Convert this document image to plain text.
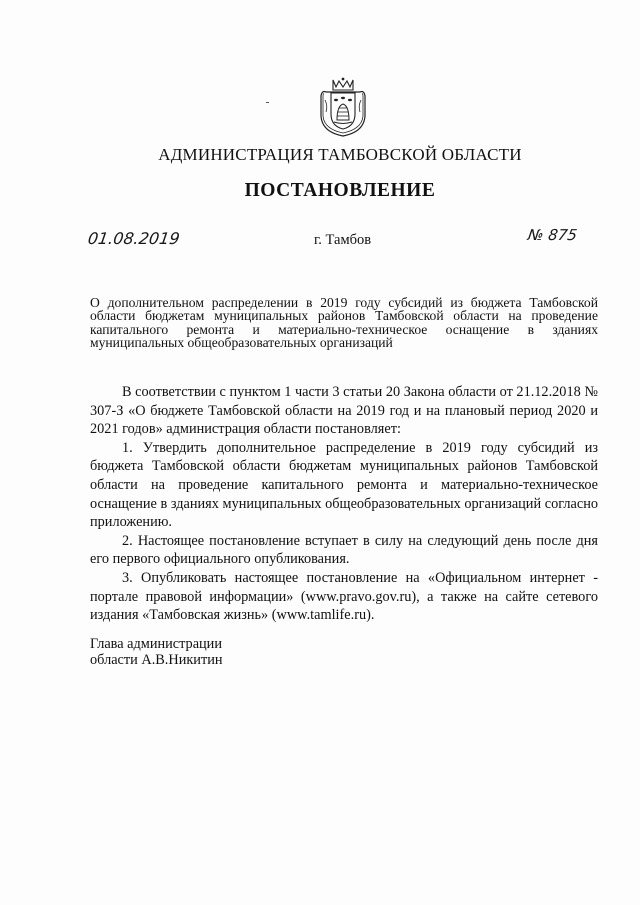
АДМИНИСТРАЦИЯ ТАМБОВСКОЙ ОБЛАСТИ
ПОСТАНОВЛЕНИЕ
01.08.2019	г. Тамбов	№ 875
О дополнительном распределении в 2019 году субсидий из бюджета Тамбовской области бюджетам муниципальных районов Тамбовской области на проведение капитального ремонта и материально-техническое оснащение в зданиях муниципальных общеобразовательных организаций

В соответствии с пунктом 1 части 3 статьи 20 Закона области от 21.12.2018 № 307-З «О бюджете Тамбовской области на 2019 год и на плановый период 2020 и 2021 годов» администрация области постановляет:

1. Утвердить дополнительное распределение в 2019 году субсидий из бюджета Тамбовской области бюджетам муниципальных районов Тамбовской области на проведение капитального ремонта и материально-техническое оснащение в зданиях муниципальных общеобразовательных организаций согласно приложению.

2. Настоящее постановление вступает в силу на следующий день после дня его первого официального опубликования.

3. Опубликовать настоящее постановление на «Официальном интернет - портале правовой информации» (www.pravo.gov.ru), а также на сайте сетевого издания «Тамбовская жизнь» (www.tamlife.ru).

Глава администрации
области А.В.Никитин
